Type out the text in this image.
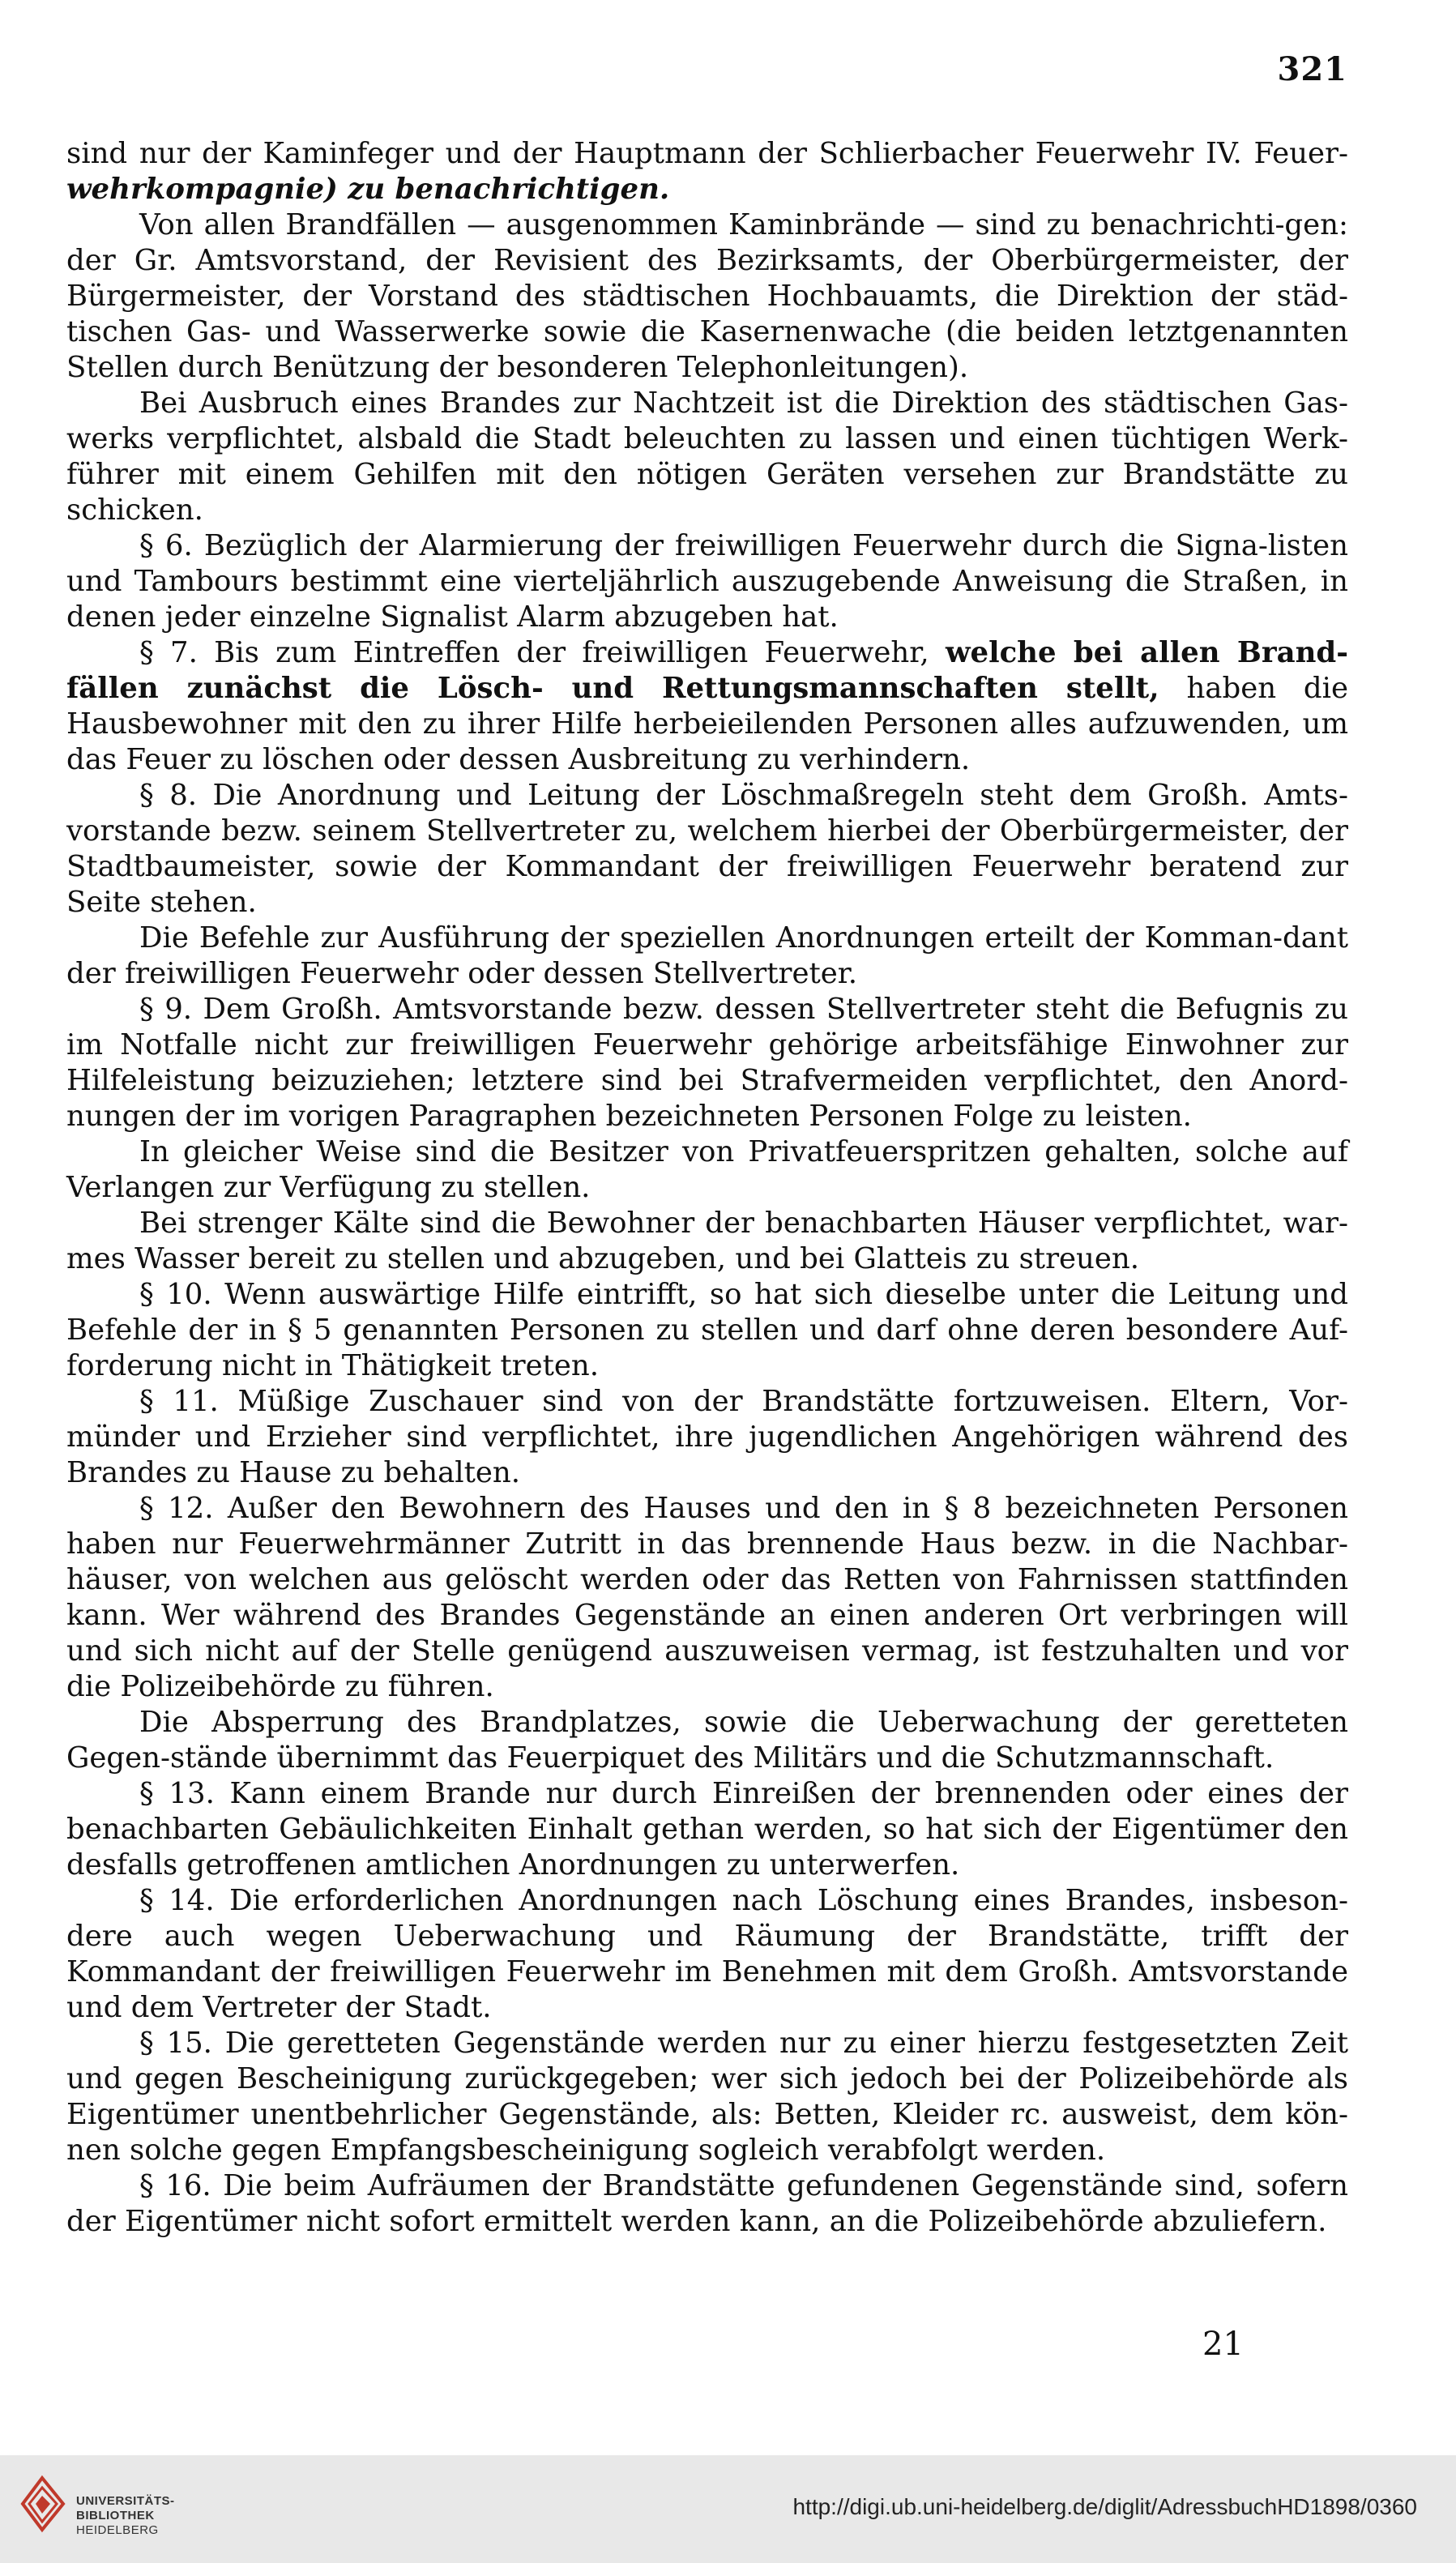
321

sind nur der Kaminfeger und der Hauptmann der Schlierbacher Feuerwehr IV. Feuer- wehrkompagnie) zu benachrichtigen.

Von allen Brandfällen — ausgenommen Kaminbrände — sind zu benachrichti-gen: der Gr. Amtsvorstand, der Revisient des Bezirksamts, der Oberbürgermeister, der Bürgermeister, der Vorstand des städtischen Hochbauamts, die Direktion der städ-tischen Gas- und Wasserwerke sowie die Kasernenwache (die beiden letztgenannten Stellen durch Benützung der besonderen Telephonleitungen).

Bei Ausbruch eines Brandes zur Nachtzeit ist die Direktion des städtischen Gas-werks verpflichtet, alsbald die Stadt beleuchten zu lassen und einen tüchtigen Werk-führer mit einem Gehilfen mit den nötigen Geräten versehen zur Brandstätte zu schicken.

§ 6. Bezüglich der Alarmierung der freiwilligen Feuerwehr durch die Signa-listen und Tambours bestimmt eine vierteljährlich auszugebende Anweisung die Straßen, in denen jeder einzelne Signalist Alarm abzugeben hat.

§ 7. Bis zum Eintreffen der freiwilligen Feuerwehr, welche bei allen Brand-fällen zunächst die Lösch- und Rettungsmannschaften stellt, haben die Hausbewohner mit den zu ihrer Hilfe herbeieilenden Personen alles aufzuwenden, um das Feuer zu löschen oder dessen Ausbreitung zu verhindern.

§ 8. Die Anordnung und Leitung der Löschmaßregeln steht dem Großh. Amts-vorstande bezw. seinem Stellvertreter zu, welchem hierbei der Oberbürgermeister, der Stadtbaumeister, sowie der Kommandant der freiwilligen Feuerwehr beratend zur Seite stehen.

Die Befehle zur Ausführung der speziellen Anordnungen erteilt der Komman-dant der freiwilligen Feuerwehr oder dessen Stellvertreter.

§ 9. Dem Großh. Amtsvorstande bezw. dessen Stellvertreter steht die Befugnis zu im Notfalle nicht zur freiwilligen Feuerwehr gehörige arbeitsfähige Einwohner zur Hilfeleistung beizuziehen; letztere sind bei Strafvermeiden verpflichtet, den Anord-nungen der im vorigen Paragraphen bezeichneten Personen Folge zu leisten.

In gleicher Weise sind die Besitzer von Privatfeuerspritzen gehalten, solche auf Verlangen zur Verfügung zu stellen.

Bei strenger Kälte sind die Bewohner der benachbarten Häuser verpflichtet, war-mes Wasser bereit zu stellen und abzugeben, und bei Glatteis zu streuen.

§ 10. Wenn auswärtige Hilfe eintrifft, so hat sich dieselbe unter die Leitung und Befehle der in § 5 genannten Personen zu stellen und darf ohne deren besondere Auf-forderung nicht in Thätigkeit treten.

§ 11. Müßige Zuschauer sind von der Brandstätte fortzuweisen. Eltern, Vor-münder und Erzieher sind verpflichtet, ihre jugendlichen Angehörigen während des Brandes zu Hause zu behalten.

§ 12. Außer den Bewohnern des Hauses und den in § 8 bezeichneten Personen haben nur Feuerwehrmänner Zutritt in das brennende Haus bezw. in die Nachbar-häuser, von welchen aus gelöscht werden oder das Retten von Fahrnissen stattfinden kann. Wer während des Brandes Gegenstände an einen anderen Ort verbringen will und sich nicht auf der Stelle genügend auszuweisen vermag, ist festzuhalten und vor die Polizeibehörde zu führen.

Die Absperrung des Brandplatzes, sowie die Ueberwachung der geretteten Gegen-stände übernimmt das Feuerpiquet des Militärs und die Schutzmannschaft.

§ 13. Kann einem Brande nur durch Einreißen der brennenden oder eines der benachbarten Gebäulichkeiten Einhalt gethan werden, so hat sich der Eigentümer den desfalls getroffenen amtlichen Anordnungen zu unterwerfen.

§ 14. Die erforderlichen Anordnungen nach Löschung eines Brandes, insbeson-dere auch wegen Ueberwachung und Räumung der Brandstätte, trifft der Kommandant der freiwilligen Feuerwehr im Benehmen mit dem Großh. Amtsvorstande und dem Vertreter der Stadt.

§ 15. Die geretteten Gegenstände werden nur zu einer hierzu festgesetzten Zeit und gegen Bescheinigung zurückgegeben; wer sich jedoch bei der Polizeibehörde als Eigentümer unentbehrlicher Gegenstände, als: Betten, Kleider rc. ausweist, dem kön-nen solche gegen Empfangsbescheinigung sogleich verabfolgt werden.

§ 16. Die beim Aufräumen der Brandstätte gefundenen Gegenstände sind, sofern der Eigentümer nicht sofort ermittelt werden kann, an die Polizeibehörde abzuliefern.

21
UNIVERSITÄTS-
BIBLIOTHEK
HEIDELBERG
http://digi.ub.uni-heidelberg.de/diglit/AdressbuchHD1898/0360
